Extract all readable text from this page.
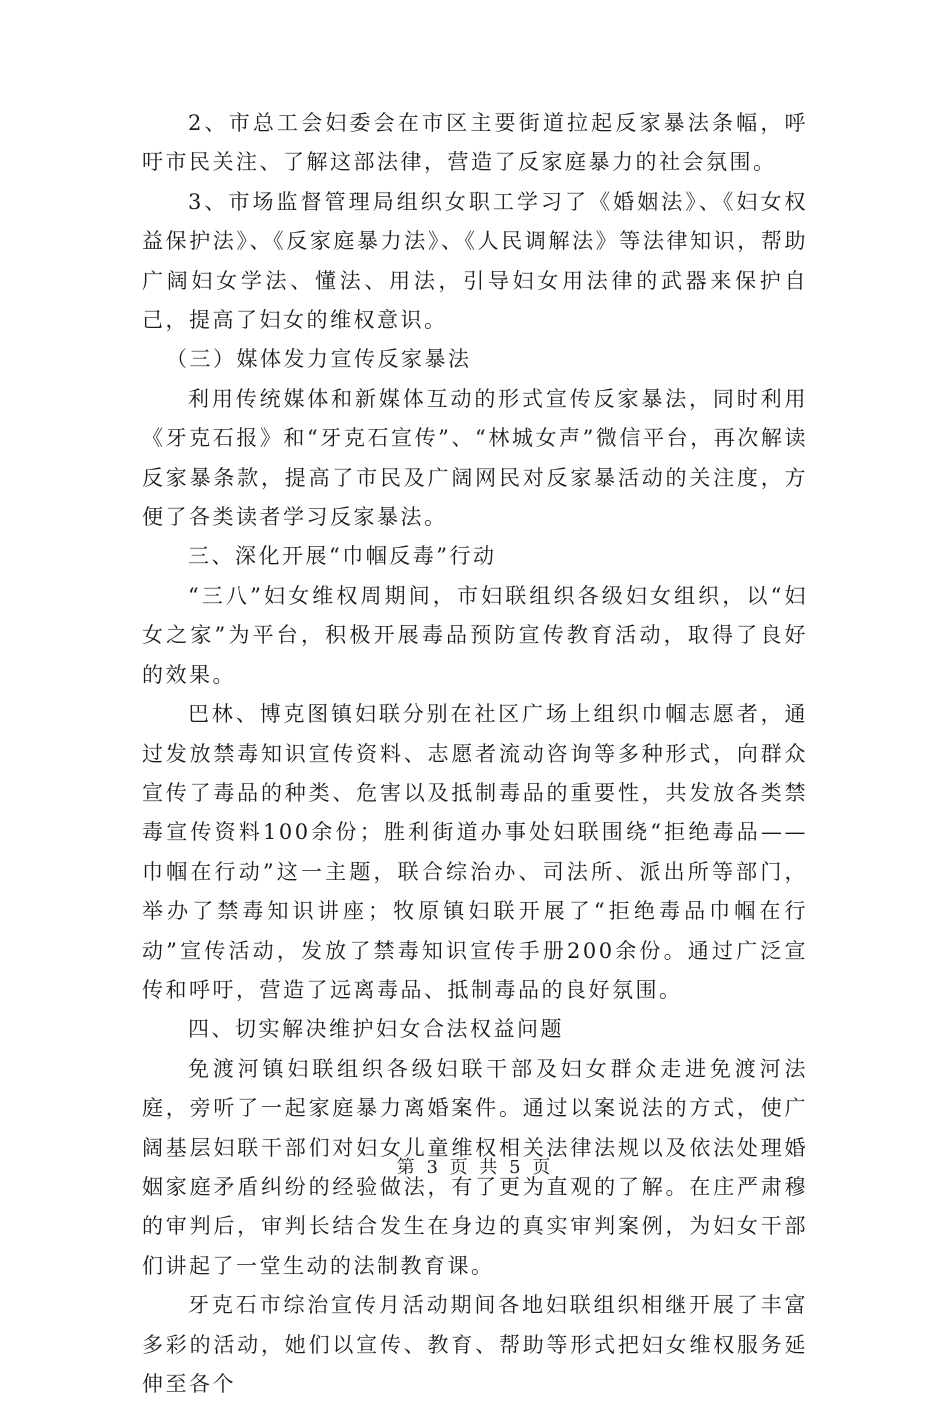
2、市总工会妇委会在市区主要街道拉起反家暴法条幅，呼吁市民关注、了解这部法律，营造了反家庭暴力的社会氛围。

3、市场监督管理局组织女职工学习了《婚姻法》、《妇女权益保护法》、《反家庭暴力法》、《人民调解法》等法律知识，帮助广阔妇女学法、懂法、用法，引导妇女用法律的武器来保护自己，提高了妇女的维权意识。

（三）媒体发力宣传反家暴法

利用传统媒体和新媒体互动的形式宣传反家暴法，同时利用《牙克石报》和“牙克石宣传”、“林城女声”微信平台，再次解读反家暴条款，提高了市民及广阔网民对反家暴活动的关注度，方便了各类读者学习反家暴法。

三、深化开展“巾帼反毒”行动

“三八”妇女维权周期间，市妇联组织各级妇女组织，以“妇女之家”为平台，积极开展毒品预防宣传教育活动，取得了良好的效果。

巴林、博克图镇妇联分别在社区广场上组织巾帼志愿者，通过发放禁毒知识宣传资料、志愿者流动咨询等多种形式，向群众宣传了毒品的种类、危害以及抵制毒品的重要性，共发放各类禁毒宣传资料100余份；胜利街道办事处妇联围绕“拒绝毒品——巾帼在行动”这一主题，联合综治办、司法所、派出所等部门，举办了禁毒知识讲座；牧原镇妇联开展了“拒绝毒品巾帼在行动”宣传活动，发放了禁毒知识宣传手册200余份。通过广泛宣传和呼吁，营造了远离毒品、抵制毒品的良好氛围。

四、切实解决维护妇女合法权益问题

免渡河镇妇联组织各级妇联干部及妇女群众走进免渡河法庭，旁听了一起家庭暴力离婚案件。通过以案说法的方式，使广阔基层妇联干部们对妇女儿童维权相关法律法规以及依法处理婚姻家庭矛盾纠纷的经验做法，有了更为直观的了解。在庄严肃穆的审判后，审判长结合发生在身边的真实审判案例，为妇女干部们讲起了一堂生动的法制教育课。

牙克石市综治宣传月活动期间各地妇联组织相继开展了丰富多彩的活动，她们以宣传、教育、帮助等形式把妇女维权服务延伸至各个

第 3 页 共 5 页
